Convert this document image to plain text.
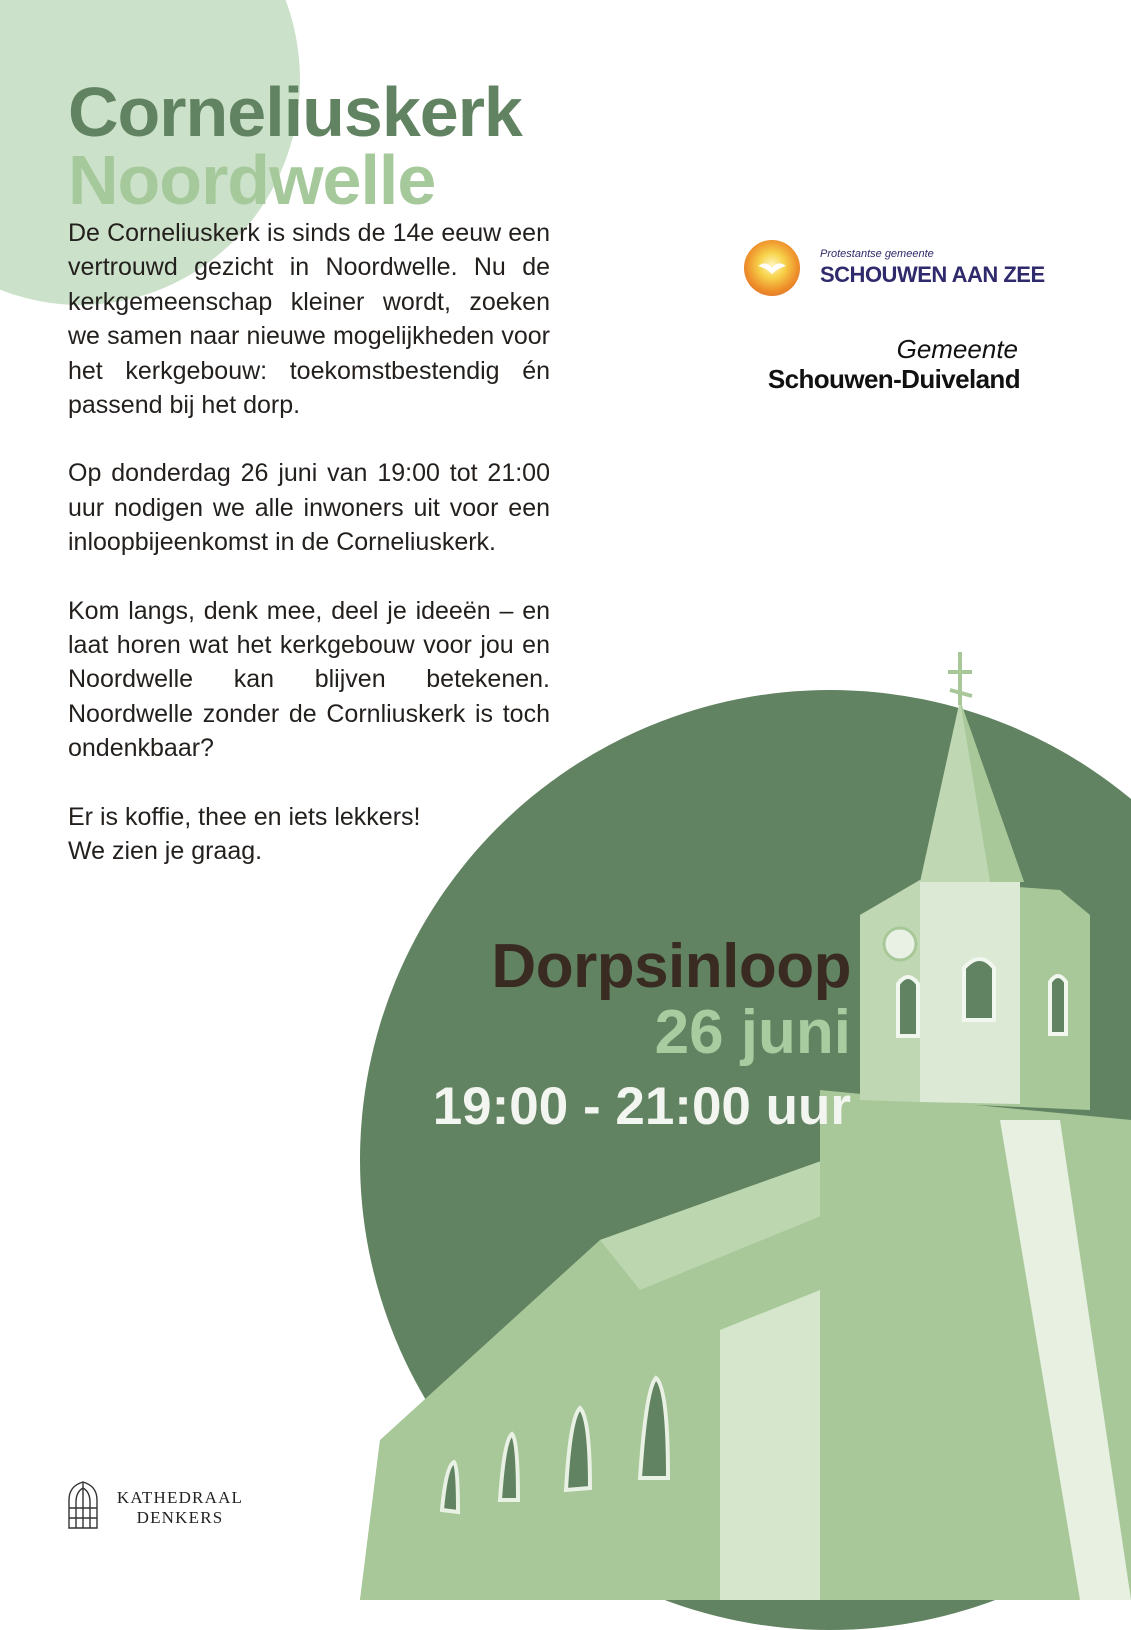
Corneliuskerk
Noordwelle

De Corneliuskerk is sinds de 14e eeuw een vertrouwd gezicht in Noordwelle. Nu de kerkgemeenschap kleiner wordt, zoeken we samen naar nieuwe mogelijkheden voor het kerkgebouw: toekomstbestendig én passend bij het dorp.

Op donderdag 26 juni van 19:00 tot 21:00 uur nodigen we alle inwoners uit voor een inloopbijeenkomst in de Corneliuskerk.

Kom langs, denk mee, deel je ideeën – en laat horen wat het kerkgebouw voor jou en Noordwelle kan blijven betekenen. Noordwelle zonder de Cornliuskerk is toch ondenkbaar?

Er is koffie, thee en iets lekkers!
We zien je graag.

Protestantse gemeente
SCHOUWEN AAN ZEE
Gemeente
Schouwen-Duiveland
Dorpsinloop
26 juni
19:00 - 21:00 uur
KATHEDRAAL
DENKERS
